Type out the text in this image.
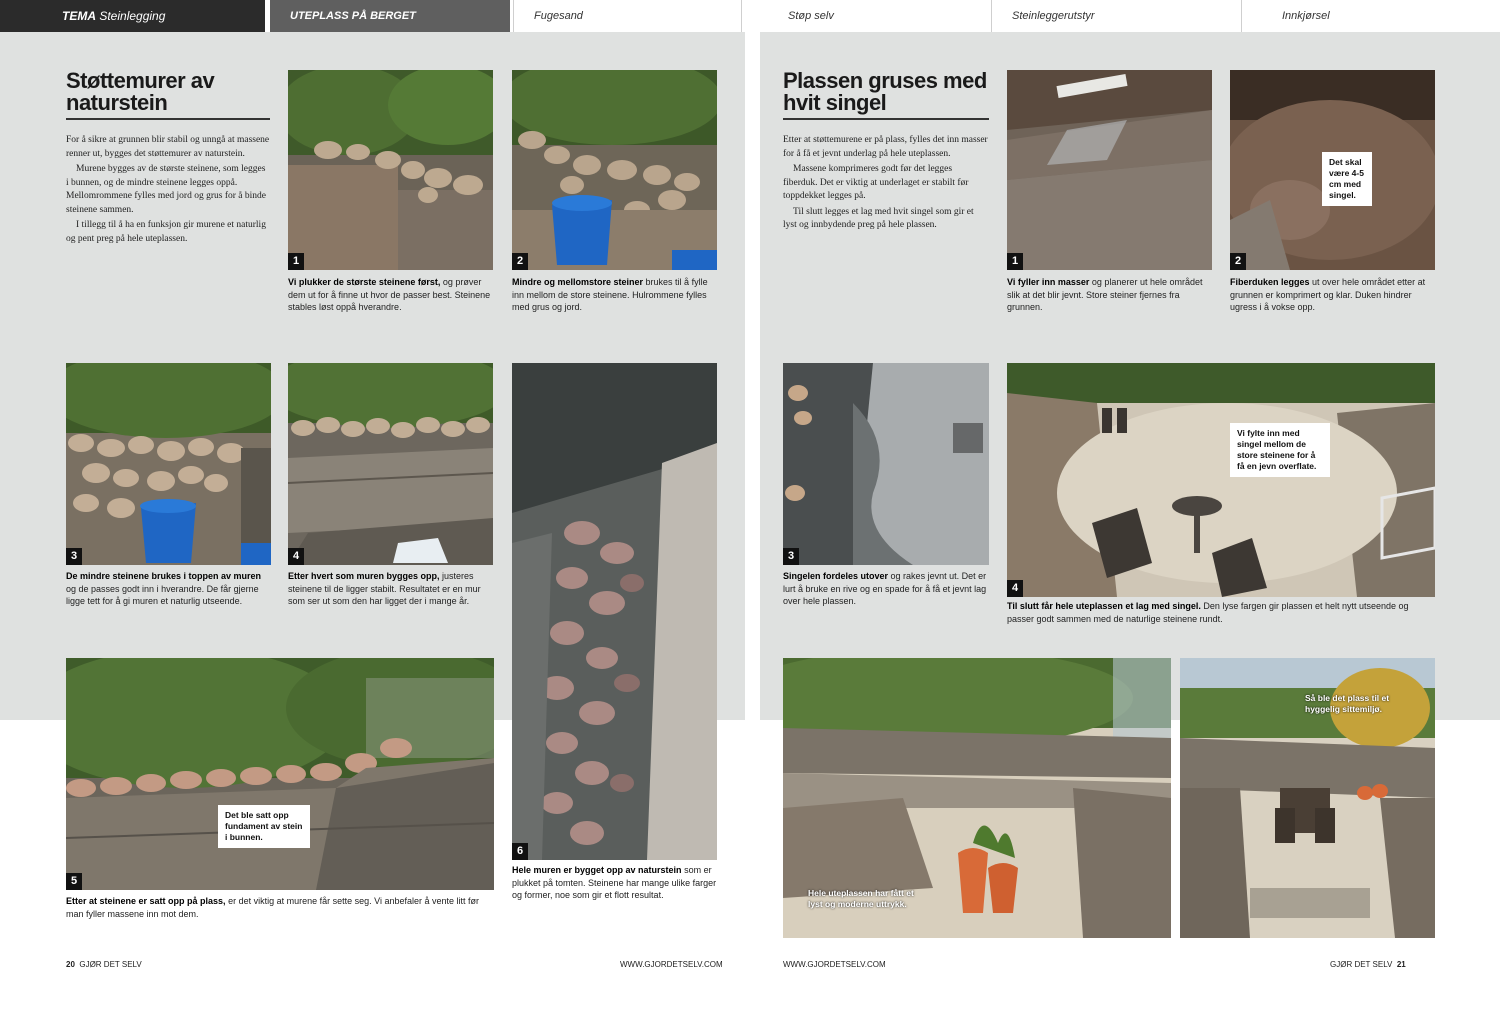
TEMA Steinlegging	UTEPLASS PÅ BERGET	Fugesand	Støp selv	Steinleggerutstyr	Innkjørsel
Støttemurer av naturstein

For å sikre at grunnen blir stabil og unngå at massene renner ut, bygges det støttemurer av naturstein.

Murene bygges av de største steinene, som legges i bunnen, og de mindre steinene legges oppå. Mellomrommene fylles med jord og grus for å binde steinene sammen.

I tillegg til å ha en funksjon gir murene et naturlig og pent preg på hele uteplassen.

1
Vi plukker de største steinene først, og prøver dem ut for å finne ut hvor de passer best. Steinene stables løst oppå hverandre.
2
Mindre og mellomstore steiner brukes til å fylle inn mellom de store steinene. Hulrommene fylles med grus og jord.
3
De mindre steinene brukes i toppen av muren og de passes godt inn i hverandre. De får gjerne ligge tett for å gi muren et naturlig utseende.
4
Etter hvert som muren bygges opp, justeres steinene til de ligger stabilt. Resultatet er en mur som ser ut som den har ligget der i mange år.
6
Hele muren er bygget opp av naturstein som er plukket på tomten. Steinene har mange ulike farger og former, noe som gir et flott resultat.
Det ble satt opp fundament av stein i bunnen.
5
Etter at steinene er satt opp på plass, er det viktig at murene får sette seg. Vi anbefaler å vente litt før man fyller massene inn mot dem.
20 GJØR DET SELV	WWW.GJORDETSELV.COM
Plassen gruses med hvit singel

Etter at støttemurene er på plass, fylles det inn masser for å få et jevnt underlag på hele uteplassen.

Massene komprimeres godt før det legges fiberduk. Det er viktig at underlaget er stabilt før toppdekket legges på.

Til slutt legges et lag med hvit singel som gir et lyst og innbydende preg på hele plassen.

1
Vi fyller inn masser og planerer ut hele området slik at det blir jevnt. Store steiner fjernes fra grunnen.
Det skal være 4-5 cm med singel.
2
Fiberduken legges ut over hele området etter at grunnen er komprimert og klar. Duken hindrer ugress i å vokse opp.
3
Singelen fordeles utover og rakes jevnt ut. Det er lurt å bruke en rive og en spade for å få et jevnt lag over hele plassen.
Vi fylte inn med singel mellom de store steinene for å få en jevn overflate.
4
Til slutt får hele uteplassen et lag med singel. Den lyse fargen gir plassen et helt nytt utseende og passer godt sammen med de naturlige steinene rundt.
Hele uteplassen har fått et lyst og moderne uttrykk.
Så ble det plass til et hyggelig sittemiljø.
WWW.GJORDETSELV.COM	GJØR DET SELV 21
